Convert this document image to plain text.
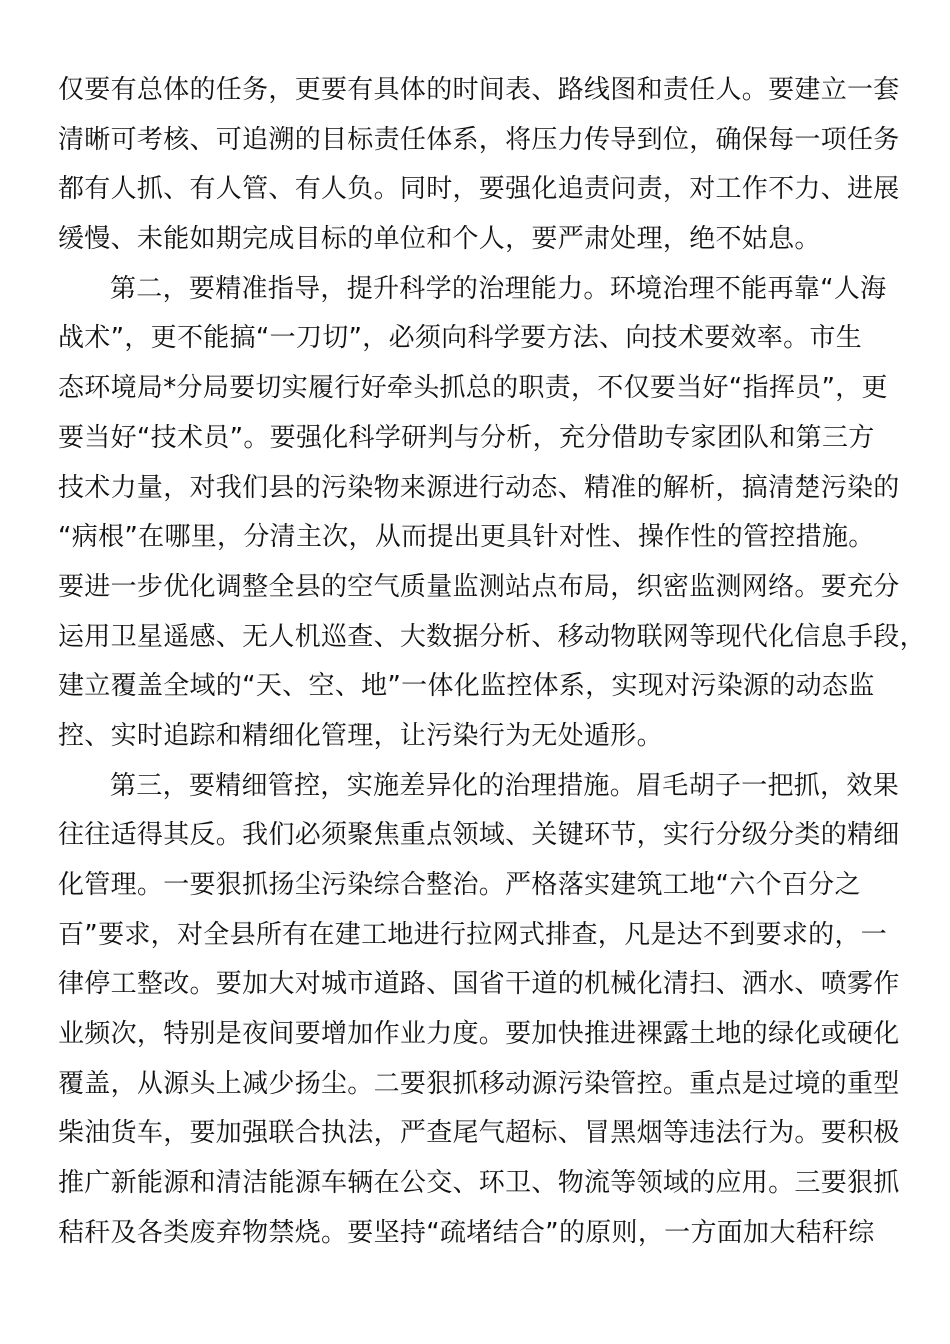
仅要有总体的任务，更要有具体的时间表、路线图和责任人。要建立一套
清晰可考核、可追溯的目标责任体系，将压力传导到位，确保每一项任务
都有人抓、有人管、有人负。同时，要强化追责问责，对工作不力、进展
缓慢、未能如期完成目标的单位和个人，要严肃处理，绝不姑息。
第二，要精准指导，提升科学的治理能力。环境治理不能再靠“人海
战术”，更不能搞“一刀切”，必须向科学要方法、向技术要效率。市生
态环境局*分局要切实履行好牵头抓总的职责，不仅要当好“指挥员”，更
要当好“技术员”。要强化科学研判与分析，充分借助专家团队和第三方
技术力量，对我们县的污染物来源进行动态、精准的解析，搞清楚污染的
“病根”在哪里，分清主次，从而提出更具针对性、操作性的管控措施。
要进一步优化调整全县的空气质量监测站点布局，织密监测网络。要充分
运用卫星遥感、无人机巡查、大数据分析、移动物联网等现代化信息手段，
建立覆盖全域的“天、空、地”一体化监控体系，实现对污染源的动态监
控、实时追踪和精细化管理，让污染行为无处遁形。
第三，要精细管控，实施差异化的治理措施。眉毛胡子一把抓，效果
往往适得其反。我们必须聚焦重点领域、关键环节，实行分级分类的精细
化管理。一要狠抓扬尘污染综合整治。严格落实建筑工地“六个百分之
百”要求，对全县所有在建工地进行拉网式排查，凡是达不到要求的，一
律停工整改。要加大对城市道路、国省干道的机械化清扫、洒水、喷雾作
业频次，特别是夜间要增加作业力度。要加快推进裸露土地的绿化或硬化
覆盖，从源头上减少扬尘。二要狠抓移动源污染管控。重点是过境的重型
柴油货车，要加强联合执法，严查尾气超标、冒黑烟等违法行为。要积极
推广新能源和清洁能源车辆在公交、环卫、物流等领域的应用。三要狠抓
秸秆及各类废弃物禁烧。要坚持“疏堵结合”的原则，一方面加大秸秆综
